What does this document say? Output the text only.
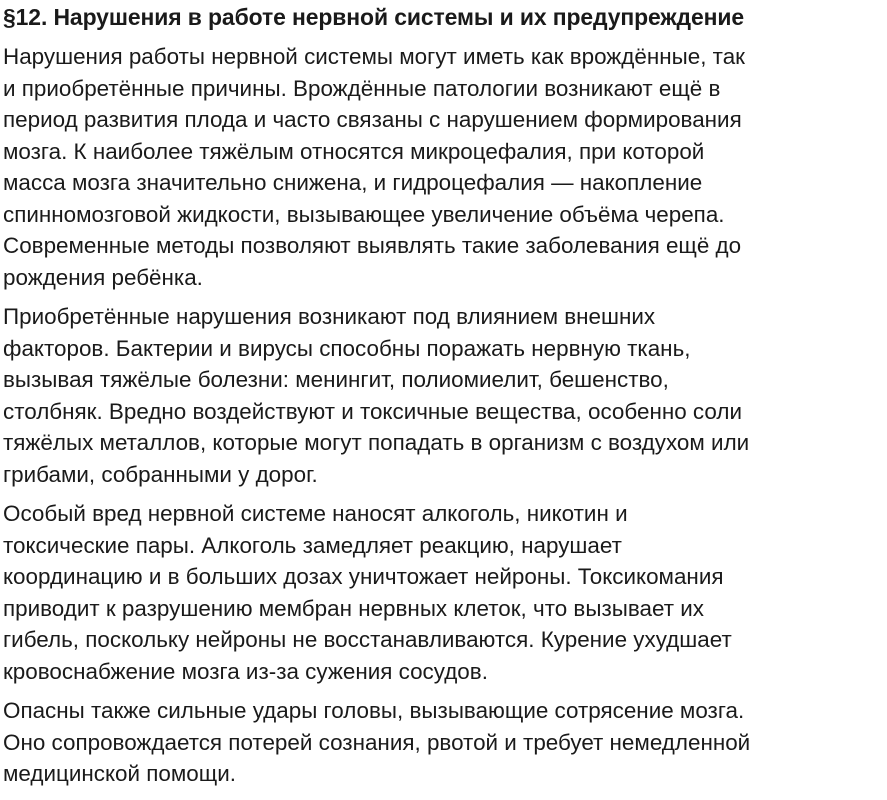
§12. Нарушения в работе нервной системы и их предупреждение
Нарушения работы нервной системы могут иметь как врождённые, так
и приобретённые причины. Врождённые патологии возникают ещё в
период развития плода и часто связаны с нарушением формирования
мозга. К наиболее тяжёлым относятся микроцефалия, при которой
масса мозга значительно снижена, и гидроцефалия — накопление
спинномозговой жидкости, вызывающее увеличение объёма черепа.
Современные методы позволяют выявлять такие заболевания ещё до
рождения ребёнка.
Приобретённые нарушения возникают под влиянием внешних
факторов. Бактерии и вирусы способны поражать нервную ткань,
вызывая тяжёлые болезни: менингит, полиомиелит, бешенство,
столбняк. Вредно воздействуют и токсичные вещества, особенно соли
тяжёлых металлов, которые могут попадать в организм с воздухом или
грибами, собранными у дорог.
Особый вред нервной системе наносят алкоголь, никотин и
токсические пары. Алкоголь замедляет реакцию, нарушает
координацию и в больших дозах уничтожает нейроны. Токсикомания
приводит к разрушению мембран нервных клеток, что вызывает их
гибель, поскольку нейроны не восстанавливаются. Курение ухудшает
кровоснабжение мозга из-за сужения сосудов.
Опасны также сильные удары головы, вызывающие сотрясение мозга.
Оно сопровождается потерей сознания, рвотой и требует немедленной
медицинской помощи.
